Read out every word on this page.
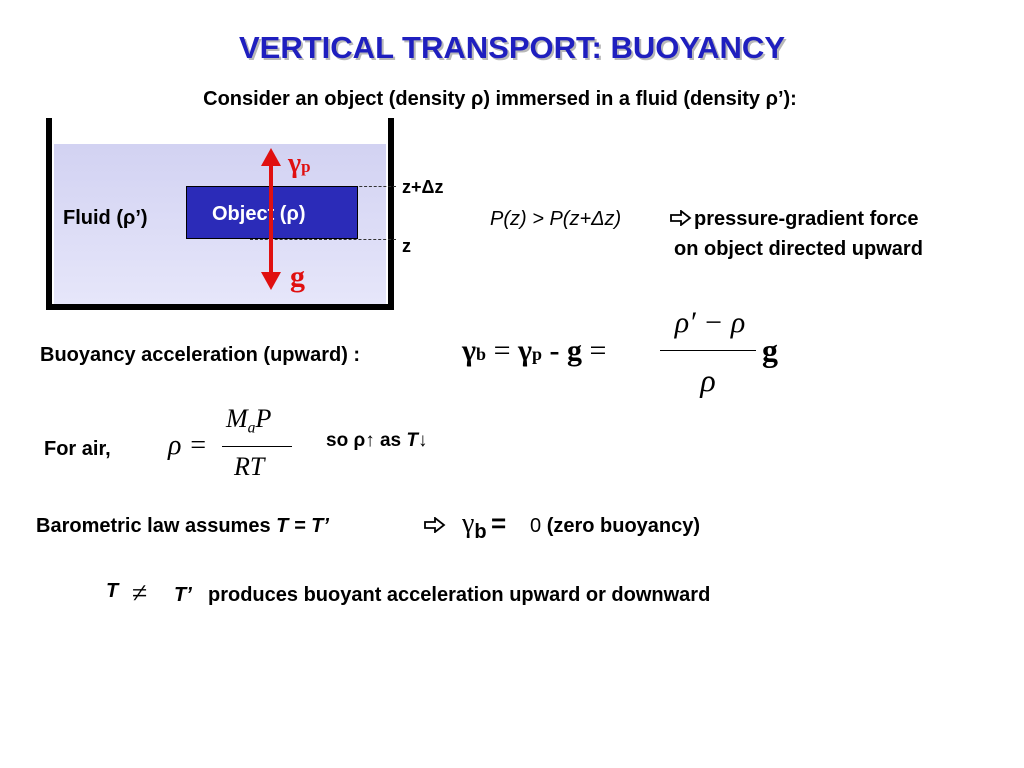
VERTICAL TRANSPORT: BUOYANCY
Consider an object (density ρ) immersed in a fluid (density ρ’):
Object (ρ)
Fluid (ρ’)
γp
g
z+Δz
z
P(z) > P(z+Δz)	pressure-gradient force
on object directed upward
Buoyancy acceleration (upward) :	γb = γp - g =
ρ′ − ρ
ρ
g
For air, ρ =
$M_aP$
RT
so ρ↑ as T↓
Barometric law assumes T = T’	γb = 0 (zero buoyancy)
T ≠ T’ produces buoyant acceleration upward or downward
